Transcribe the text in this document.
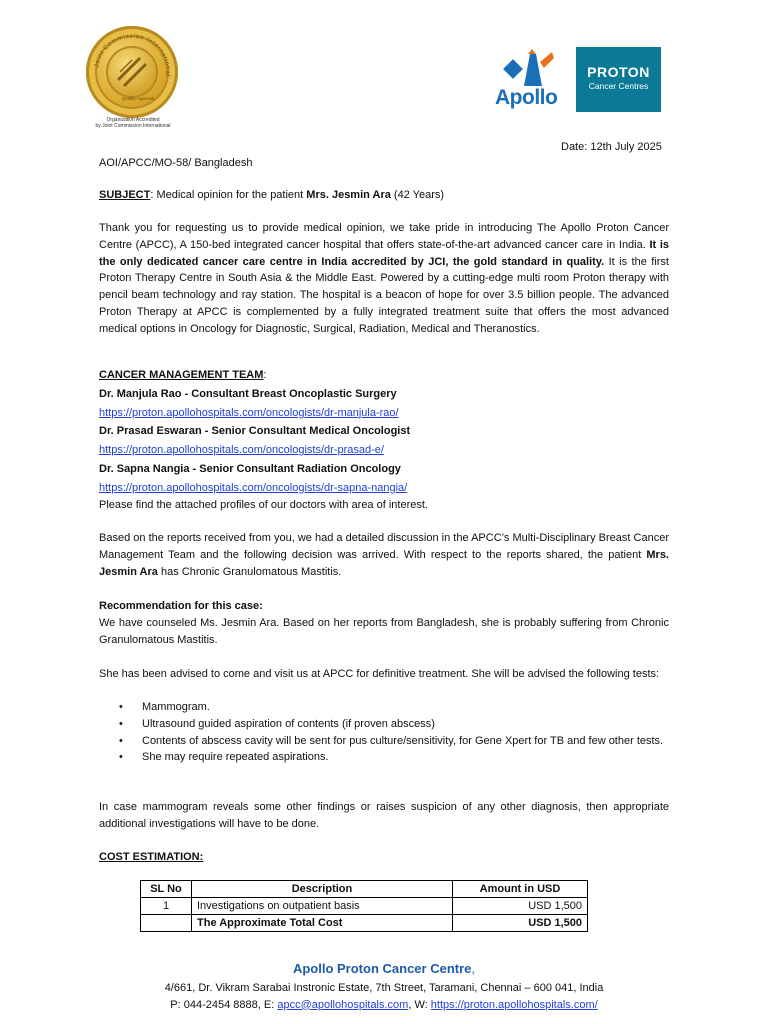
Joint Commission International
Quality Approval
Organization Accredited
by Joint Commission International
Apollo
PROTON
Cancer Centres
Date: 12th July 2025
AOI/APCC/MO-58/ Bangladesh
SUBJECT: Medical opinion for the patient Mrs. Jesmin Ara (42 Years)
Thank you for requesting us to provide medical opinion, we take pride in introducing The Apollo Proton Cancer Centre (APCC), A 150-bed integrated cancer hospital that offers state-of-the-art advanced cancer care in India. It is the only dedicated cancer care centre in India accredited by JCI, the gold standard in quality. It is the first Proton Therapy Centre in South Asia & the Middle East. Powered by a cutting-edge multi room Proton therapy with pencil beam technology and ray station. The hospital is a beacon of hope for over 3.5 billion people. The advanced Proton Therapy at APCC is complemented by a fully integrated treatment suite that offers the most advanced medical options in Oncology for Diagnostic, Surgical, Radiation, Medical and Theranostics.
CANCER MANAGEMENT TEAM:
Dr. Manjula Rao - Consultant Breast Oncoplastic Surgery
https://proton.apollohospitals.com/oncologists/dr-manjula-rao/
Dr. Prasad Eswaran - Senior Consultant Medical Oncologist
https://proton.apollohospitals.com/oncologists/dr-prasad-e/
Dr. Sapna Nangia - Senior Consultant Radiation Oncology
https://proton.apollohospitals.com/oncologists/dr-sapna-nangia/
Please find the attached profiles of our doctors with area of interest.
Based on the reports received from you, we had a detailed discussion in the APCC’s Multi-Disciplinary Breast Cancer Management Team and the following decision was arrived. With respect to the reports shared, the patient Mrs. Jesmin Ara has Chronic Granulomatous Mastitis.
Recommendation for this case:
We have counseled Ms. Jesmin Ara. Based on her reports from Bangladesh, she is probably suffering from Chronic Granulomatous Mastitis.
She has been advised to come and visit us at APCC for definitive treatment. She will be advised the following tests:
• Mammogram.
• Ultrasound guided aspiration of contents (if proven abscess)
• Contents of abscess cavity will be sent for pus culture/sensitivity, for Gene Xpert for TB and few other tests.
• She may require repeated aspirations.
In case mammogram reveals some other findings or raises suspicion of any other diagnosis, then appropriate additional investigations will have to be done.
COST ESTIMATION:
SL No	Description	Amount in USD
1	Investigations on outpatient basis	USD 1,500
	The Approximate Total Cost	USD 1,500
Apollo Proton Cancer Centre,
4/661, Dr. Vikram Sarabai Instronic Estate, 7th Street, Taramani, Chennai – 600 041, India
P: 044-2454 8888, E: apcc@apollohospitals.com, W: https://proton.apollohospitals.com/
